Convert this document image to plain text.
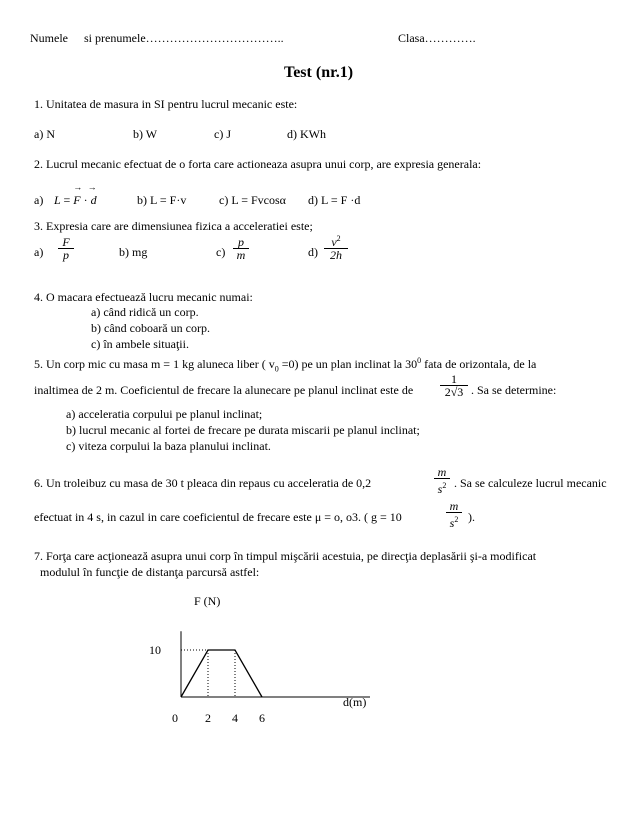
Numele si prenumele……………………………..	Clasa………….
Test (nr.1)
1. Unitatea de masura in SI pentru lucrul mecanic este:
a) N	b) W	c) J	d) KWh
2. Lucrul mecanic efectuat de o forta care actioneaza asupra unui corp, are expresia generala:
a) L =
→
F ·
→
d	b) L = F·v	c) L = Fvcosα d) L = F ·d
3. Expresia care are dimensiunea fizica a acceleratiei este;
$a) \frac{F}{p}$	b) mg	$c) \frac{p}{m}$	$d) \frac{v^2}{2h}$
4. O macara efectuează lucru mecanic numai:
a) când ridică un corp.
b) când coboară un corp.
c) în ambele situaţii.
5. Un corp mic cu masa m = 1 kg aluneca liber ( $v_0 =0$) pe un plan inclinat la $30^0$ fata de orizontala, de la
inaltimea de 2 m. Coeficientul de frecare la alunecare pe planul inclinat este de $\frac{1}{2√3}$ . Sa se determine:
a) acceleratia corpului pe planul inclinat;
b) lucrul mecanic al fortei de frecare pe durata miscarii pe planul inclinat;
c) viteza corpului la baza planului inclinat.
6. Un troleibuz cu masa de 30 t pleaca din repaus cu acceleratia de 0,2	$\frac{m}{s^2}$ . Sa se calculeze lucrul mecanic
efectuat in 4 s, in cazul in care coeficientul de frecare este μ = o, o3. ( g = 10	$\frac{m}{s^2}$ ).
7. Forţa care acţionează asupra unui corp în timpul mişcării acestuia, pe direcţia deplasării şi-a modificat
modulul în funcţie de distanţa parcursă astfel:
F (N)
d(m)
10
0 2 4 6
